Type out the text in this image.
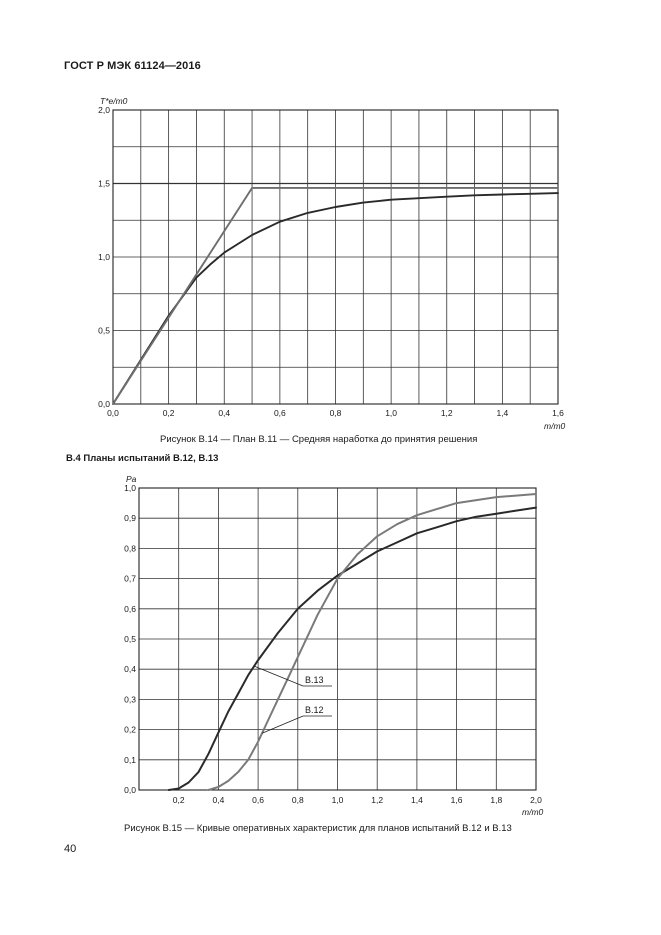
ГОСТ Р МЭК 61124—2016
0,0	0,2	0,4	0,6	0,8	1,0	1,2	1,4	1,6
0,0
0,5
1,0
1,5
2,0
m/m0
T*e/m0
0,2	0,4	0,6	0,8	1,0	1,2	1,4	1,6	1,8	2,0
0,0
0,1
0,2
0,3
0,4
0,5
0,6
0,7
0,8
0,9
1,0
m/m0
Pa
В.13
В.12
Рисунок В.14 — План В.11 — Средняя наработка до принятия решения
В.4 Планы испытаний В.12, В.13
Рисунок В.15 — Кривые оперативных характеристик для планов испытаний В.12 и В.13
40
